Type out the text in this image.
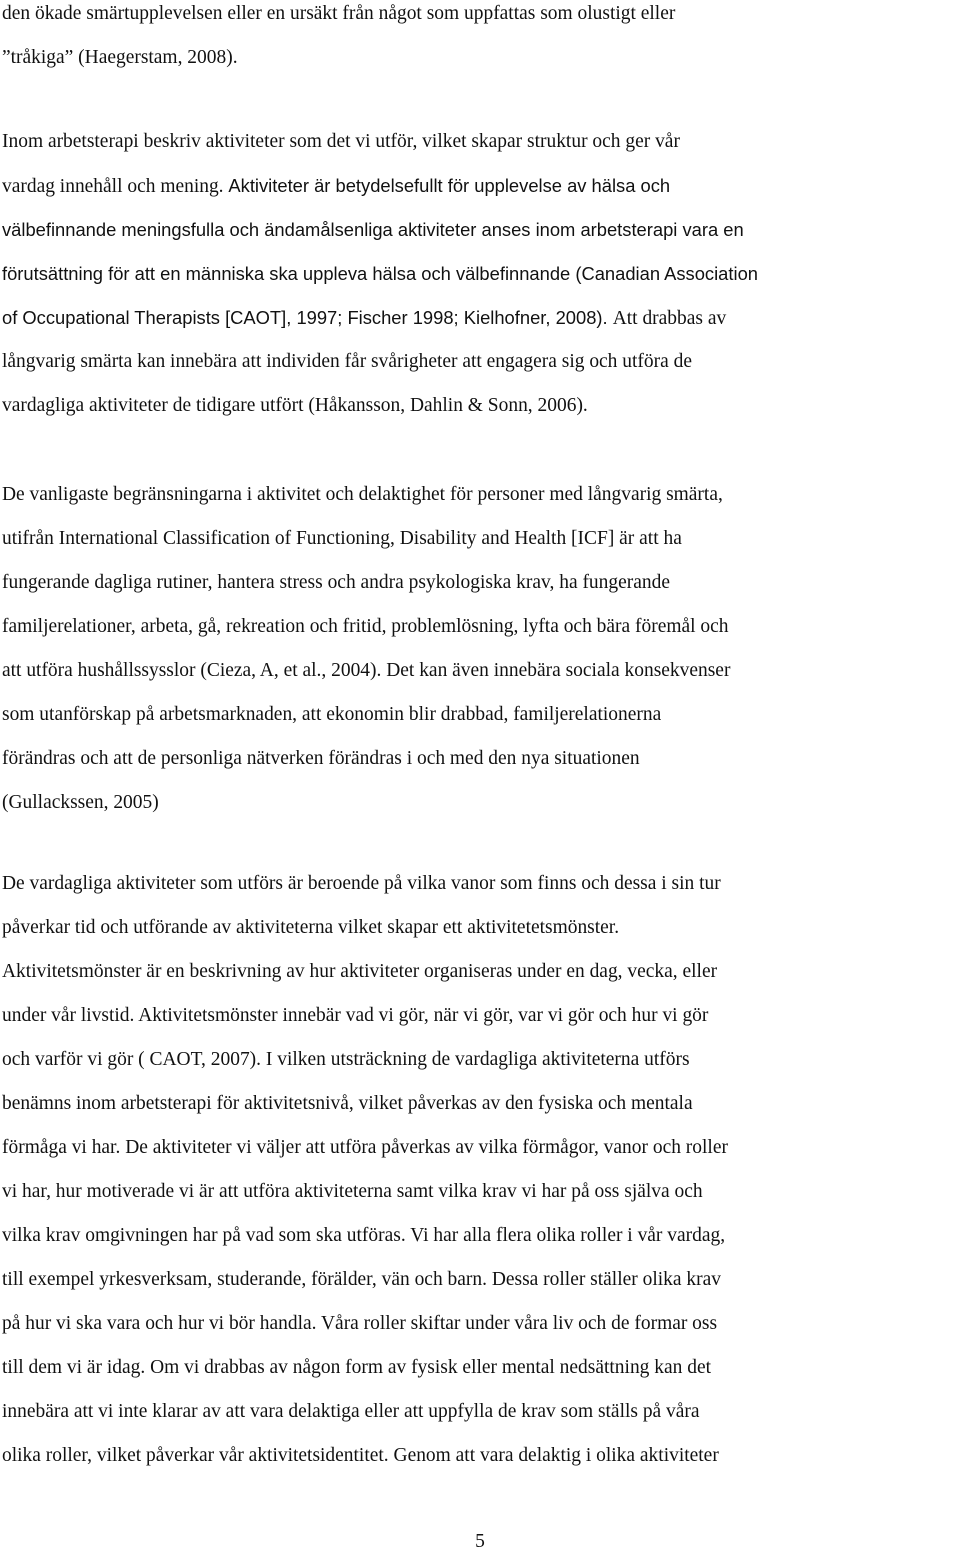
den ökade smärtupplevelsen eller en ursäkt från något som uppfattas som olustigt eller
”tråkiga” (Haegerstam, 2008).
Inom arbetsterapi beskriv aktiviteter som det vi utför, vilket skapar struktur och ger vår
vardag innehåll och mening. Aktiviteter är betydelsefullt för upplevelse av hälsa och
välbefinnande meningsfulla och ändamålsenliga aktiviteter anses inom arbetsterapi vara en
förutsättning för att en människa ska uppleva hälsa och välbefinnande (Canadian Association
of Occupational Therapists [CAOT], 1997; Fischer 1998; Kielhofner, 2008). Att drabbas av
långvarig smärta kan innebära att individen får svårigheter att engagera sig och utföra de
vardagliga aktiviteter de tidigare utfört (Håkansson, Dahlin & Sonn, 2006).
De vanligaste begränsningarna i aktivitet och delaktighet för personer med långvarig smärta,
utifrån International Classification of Functioning, Disability and Health [ICF] är att ha
fungerande dagliga rutiner, hantera stress och andra psykologiska krav, ha fungerande
familjerelationer, arbeta, gå, rekreation och fritid, problemlösning, lyfta och bära föremål och
att utföra hushållssysslor (Cieza, A, et al., 2004). Det kan även innebära sociala konsekvenser
som utanförskap på arbetsmarknaden, att ekonomin blir drabbad, familjerelationerna
förändras och att de personliga nätverken förändras i och med den nya situationen
(Gullackssen, 2005)
De vardagliga aktiviteter som utförs är beroende på vilka vanor som finns och dessa i sin tur
påverkar tid och utförande av aktiviteterna vilket skapar ett aktivitetetsmönster.
Aktivitetsmönster är en beskrivning av hur aktiviteter organiseras under en dag, vecka, eller
under vår livstid. Aktivitetsmönster innebär vad vi gör, när vi gör, var vi gör och hur vi gör
och varför vi gör ( CAOT, 2007). I vilken utsträckning de vardagliga aktiviteterna utförs
benämns inom arbetsterapi för aktivitetsnivå, vilket påverkas av den fysiska och mentala
förmåga vi har. De aktiviteter vi väljer att utföra påverkas av vilka förmågor, vanor och roller
vi har, hur motiverade vi är att utföra aktiviteterna samt vilka krav vi har på oss själva och
vilka krav omgivningen har på vad som ska utföras. Vi har alla flera olika roller i vår vardag,
till exempel yrkesverksam, studerande, förälder, vän och barn. Dessa roller ställer olika krav
på hur vi ska vara och hur vi bör handla. Våra roller skiftar under våra liv och de formar oss
till dem vi är idag. Om vi drabbas av någon form av fysisk eller mental nedsättning kan det
innebära att vi inte klarar av att vara delaktiga eller att uppfylla de krav som ställs på våra
olika roller, vilket påverkar vår aktivitetsidentitet. Genom att vara delaktig i olika aktiviteter
5
